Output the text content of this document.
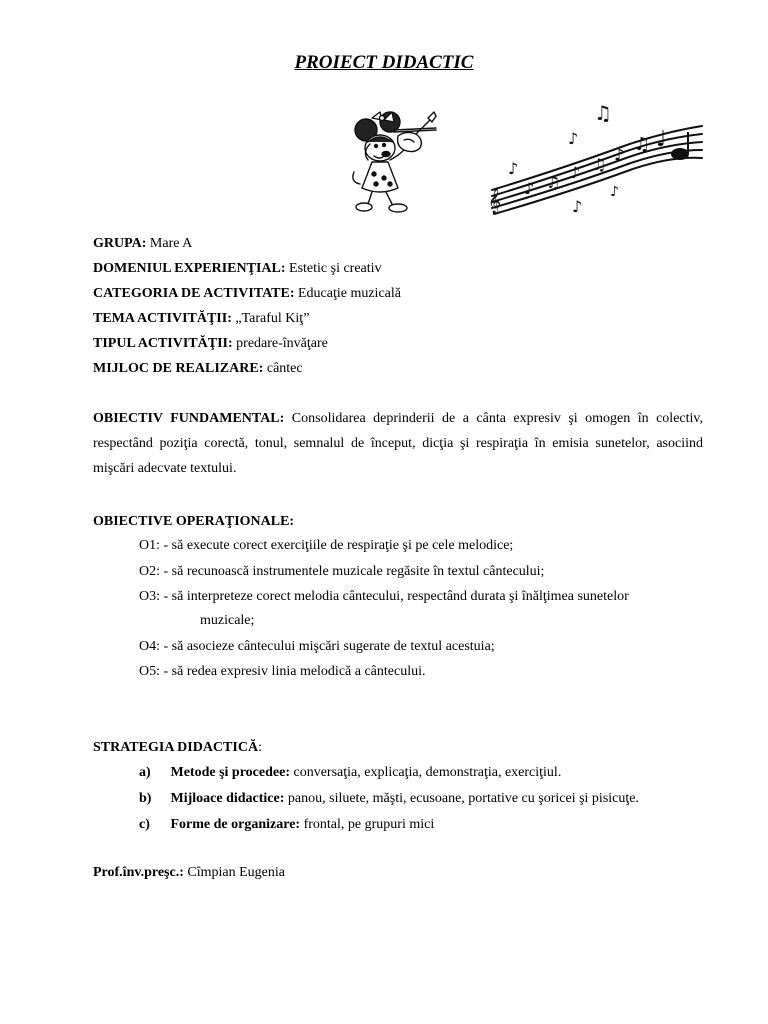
PROIECT DIDACTIC
𝄞
♪ ♫
♪ ♫
♪ ♫ ♩
♫
♪
♪
♪
♪
GRUPA: Mare A
DOMENIUL EXPERIENŢIAL: Estetic şi creativ
CATEGORIA DE ACTIVITATE: Educaţie muzicală
TEMA ACTIVITĂŢII: „Taraful Kiţ”
TIPUL ACTIVITĂŢII: predare-învăţare
MIJLOC DE REALIZARE: cântec
OBIECTIV FUNDAMENTAL: Consolidarea deprinderii de a cânta expresiv şi omogen în colectiv, respectând poziţia corectă, tonul, semnalul de început, dicţia şi respiraţia în emisia sunetelor, asociind mişcări adecvate textului.
OBIECTIVE OPERAŢIONALE:
O1: - să execute corect exerciţiile de respiraţie şi pe cele melodice;
O2: - să recunoască instrumentele muzicale regăsite în textul cântecului;
O3: - să interpreteze corect melodia cântecului, respectând durata şi înălţimea sunetelor
muzicale;
O4: - să asocieze cântecului mişcări sugerate de textul acestuia;
O5: - să redea expresiv linia melodică a cântecului.
STRATEGIA DIDACTICĂ:
a) Metode şi procedee: conversaţia, explicaţia, demonstraţia, exerciţiul.
b) Mijloace didactice: panou, siluete, măşti, ecusoane, portative cu şoricei şi pisicuţe.
c) Forme de organizare: frontal, pe grupuri mici
Prof.înv.preşc.: Cîmpian Eugenia
